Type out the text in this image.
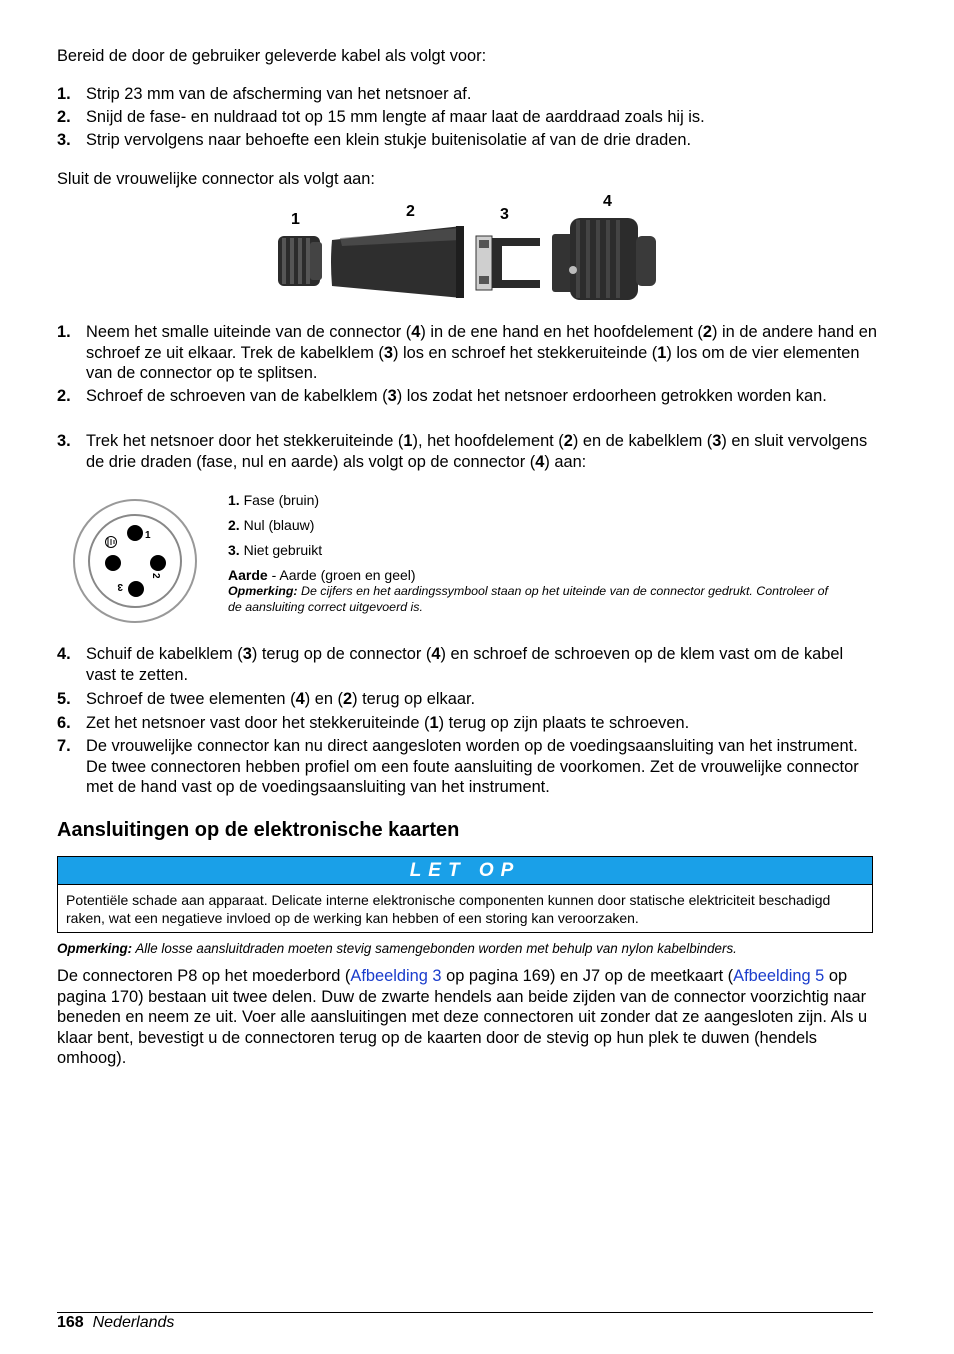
Bereid de door de gebruiker geleverde kabel als volgt voor:
1. Strip 23 mm van de afscherming van het netsnoer af.
2. Snijd de fase- en nuldraad tot op 15 mm lengte af maar laat de aarddraad zoals hij is.
3. Strip vervolgens naar behoefte een klein stukje buitenisolatie af van de drie draden.
Sluit de vrouwelijke connector als volgt aan:
1	2	3
4
1. Neem het smalle uiteinde van de connector (4) in de ene hand en het hoofdelement (2) in de andere hand en schroef ze uit elkaar. Trek de kabelklem (3) los en schroef het stekkeruiteinde (1) los om de vier elementen van de connector op te splitsen.
2. Schroef de schroeven van de kabelklem (3) los zodat het netsnoer erdoorheen getrokken worden kan.
3. Trek het netsnoer door het stekkeruiteinde (1), het hoofdelement (2) en de kabelklem (3) en sluit vervolgens de drie draden (fase, nul en aarde) als volgt op de connector (4) aan:
1
2
3
1. Fase (bruin)
2. Nul (blauw)
3. Niet gebruikt
Aarde - Aarde (groen en geel)
Opmerking: De cijfers en het aardingssymbool staan op het uiteinde van de connector gedrukt. Controleer of de aansluiting correct uitgevoerd is.
4. Schuif de kabelklem (3) terug op de connector (4) en schroef de schroeven op de klem vast om de kabel vast te zetten.
5. Schroef de twee elementen (4) en (2) terug op elkaar.
6. Zet het netsnoer vast door het stekkeruiteinde (1) terug op zijn plaats te schroeven.
7. De vrouwelijke connector kan nu direct aangesloten worden op de voedingsaansluiting van het instrument. De twee connectoren hebben profiel om een foute aansluiting de voorkomen. Zet de vrouwelijke connector met de hand vast op de voedingsaansluiting van het instrument.
Aansluitingen op de elektronische kaarten
LET OP
Potentiële schade aan apparaat. Delicate interne elektronische componenten kunnen door statische elektriciteit beschadigd raken, wat een negatieve invloed op de werking kan hebben of een storing kan veroorzaken.
Opmerking: Alle losse aansluitdraden moeten stevig samengebonden worden met behulp van nylon kabelbinders.
De connectoren P8 op het moederbord (Afbeelding 3 op pagina 169) en J7 op de meetkaart (Afbeelding 5 op pagina 170) bestaan uit twee delen. Duw de zwarte hendels aan beide zijden van de connector voorzichtig naar beneden en neem ze uit. Voer alle aansluitingen met deze connectoren uit zonder dat ze aangesloten zijn. Als u klaar bent, bevestigt u de connectoren terug op de kaarten door de stevig op hun plek te duwen (hendels omhoog).
168 Nederlands
